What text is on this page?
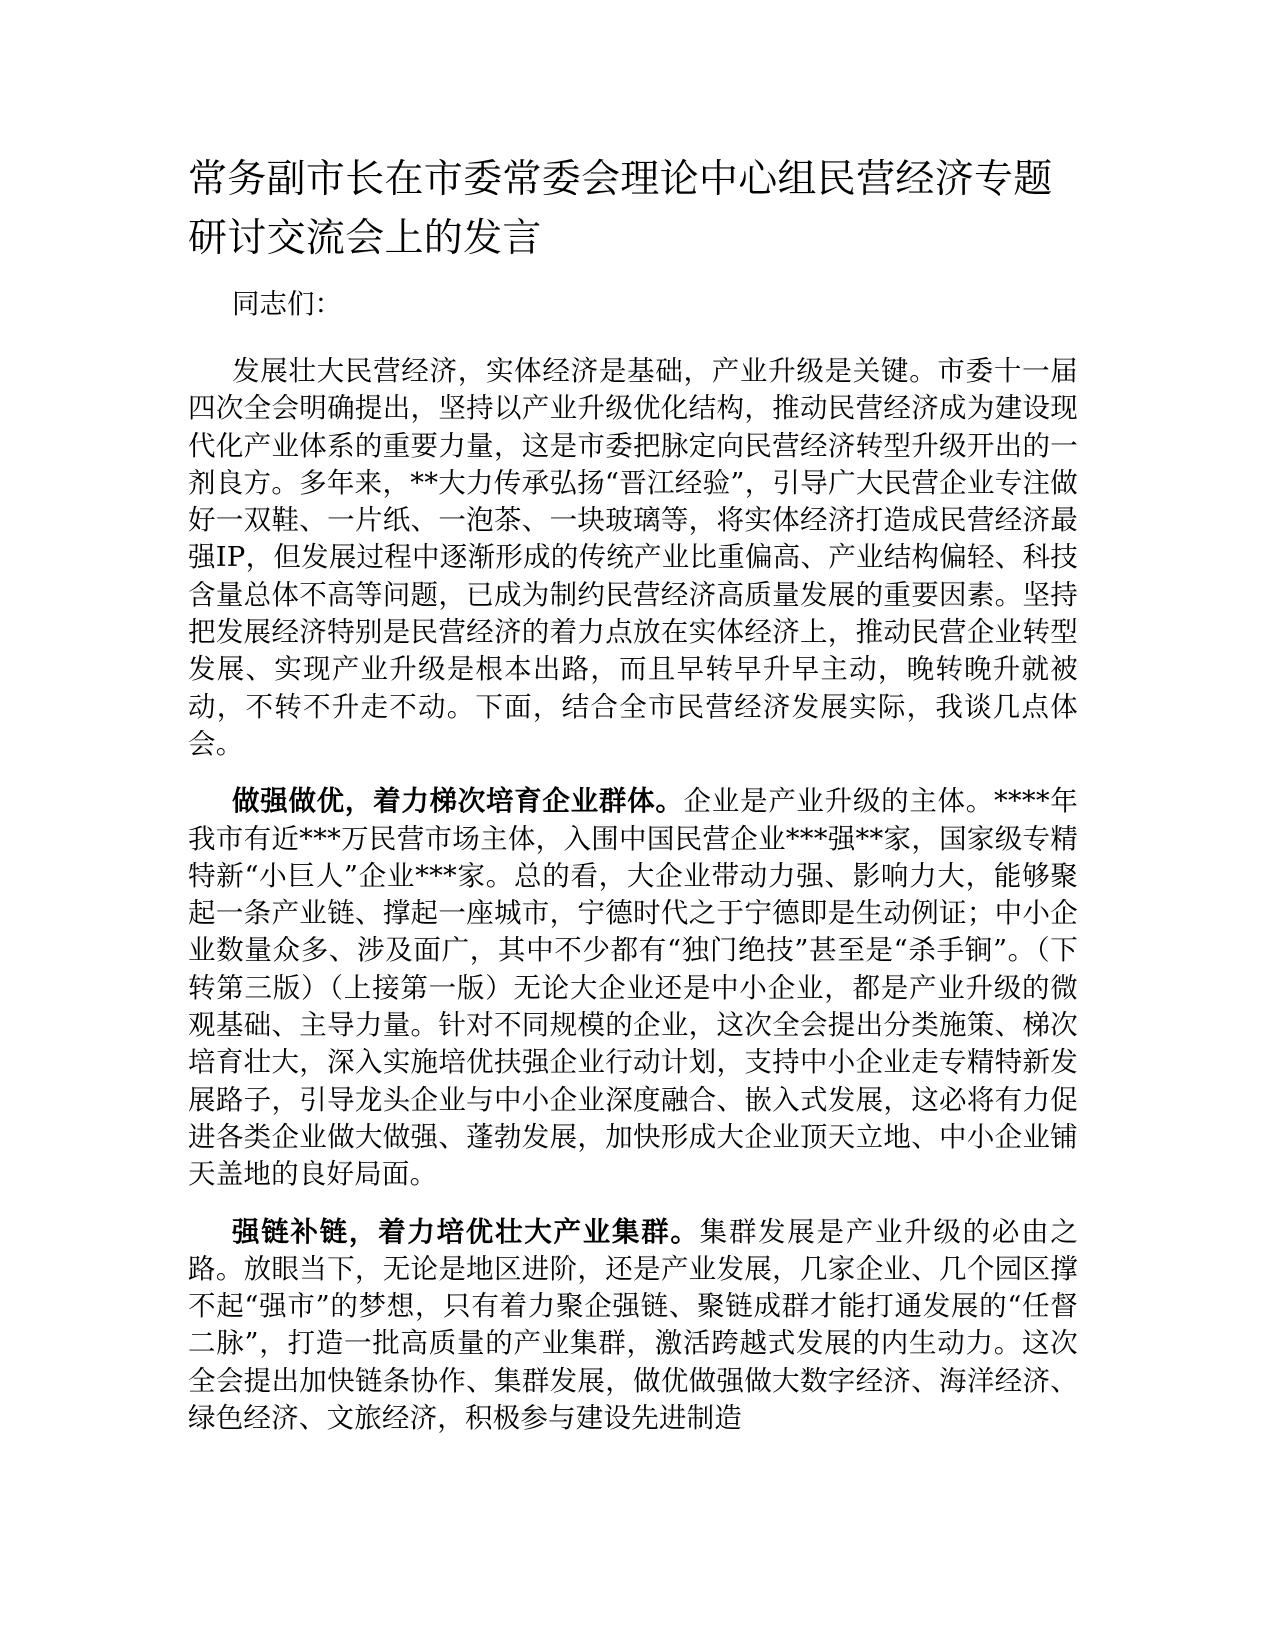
常务副市长在市委常委会理论中心组民营经济专题研讨交流会上的发言

同志们：

发展壮大民营经济，实体经济是基础，产业升级是关键。市委十一届四次全会明确提出，坚持以产业升级优化结构，推动民营经济成为建设现代化产业体系的重要力量，这是市委把脉定向民营经济转型升级开出的一剂良方。多年来，**大力传承弘扬“晋江经验”，引导广大民营企业专注做好一双鞋、一片纸、一泡茶、一块玻璃等，将实体经济打造成民营经济最强IP，但发展过程中逐渐形成的传统产业比重偏高、产业结构偏轻、科技含量总体不高等问题，已成为制约民营经济高质量发展的重要因素。坚持把发展经济特别是民营经济的着力点放在实体经济上，推动民营企业转型发展、实现产业升级是根本出路，而且早转早升早主动，晚转晚升就被动，不转不升走不动。下面，结合全市民营经济发展实际，我谈几点体会。

做强做优，着力梯次培育企业群体。企业是产业升级的主体。****年我市有近***万民营市场主体，入围中国民营企业***强**家，国家级专精特新“小巨人”企业***家。总的看，大企业带动力强、影响力大，能够聚起一条产业链、撑起一座城市，宁德时代之于宁德即是生动例证；中小企业数量众多、涉及面广，其中不少都有“独门绝技”甚至是“杀手锏”。（下转第三版）（上接第一版）无论大企业还是中小企业，都是产业升级的微观基础、主导力量。针对不同规模的企业，这次全会提出分类施策、梯次培育壮大，深入实施培优扶强企业行动计划，支持中小企业走专精特新发展路子，引导龙头企业与中小企业深度融合、嵌入式发展，这必将有力促进各类企业做大做强、蓬勃发展，加快形成大企业顶天立地、中小企业铺天盖地的良好局面。

强链补链，着力培优壮大产业集群。集群发展是产业升级的必由之路。放眼当下，无论是地区进阶，还是产业发展，几家企业、几个园区撑不起“强市”的梦想，只有着力聚企强链、聚链成群才能打通发展的“任督二脉”，打造一批高质量的产业集群，激活跨越式发展的内生动力。这次全会提出加快链条协作、集群发展，做优做强做大数字经济、海洋经济、绿色经济、文旅经济，积极参与建设先进制造
